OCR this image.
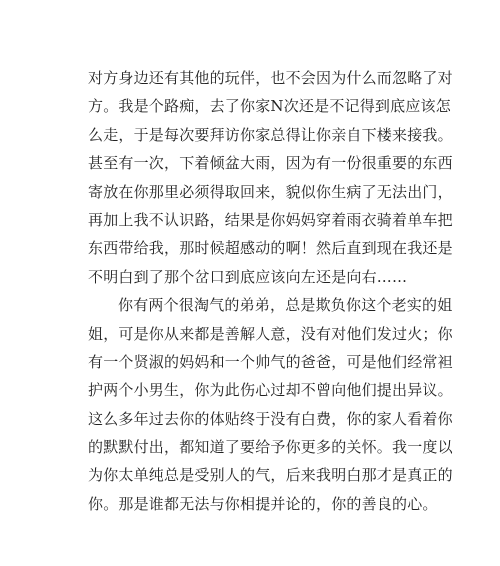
对方身边还有其他的玩伴，也不会因为什么而忽略了对
方。我是个路痴，去了你家N次还是不记得到底应该怎
么走，于是每次要拜访你家总得让你亲自下楼来接我。
甚至有一次，下着倾盆大雨，因为有一份很重要的东西
寄放在你那里必须得取回来，貌似你生病了无法出门，
再加上我不认识路，结果是你妈妈穿着雨衣骑着单车把
东西带给我，那时候超感动的啊！然后直到现在我还是
不明白到了那个岔口到底应该向左还是向右……
你有两个很淘气的弟弟，总是欺负你这个老实的姐
姐，可是你从来都是善解人意，没有对他们发过火；你
有一个贤淑的妈妈和一个帅气的爸爸，可是他们经常袒
护两个小男生，你为此伤心过却不曾向他们提出异议。
这么多年过去你的体贴终于没有白费，你的家人看着你
的默默付出，都知道了要给予你更多的关怀。我一度以
为你太单纯总是受别人的气，后来我明白那才是真正的
你。那是谁都无法与你相提并论的，你的善良的心。
